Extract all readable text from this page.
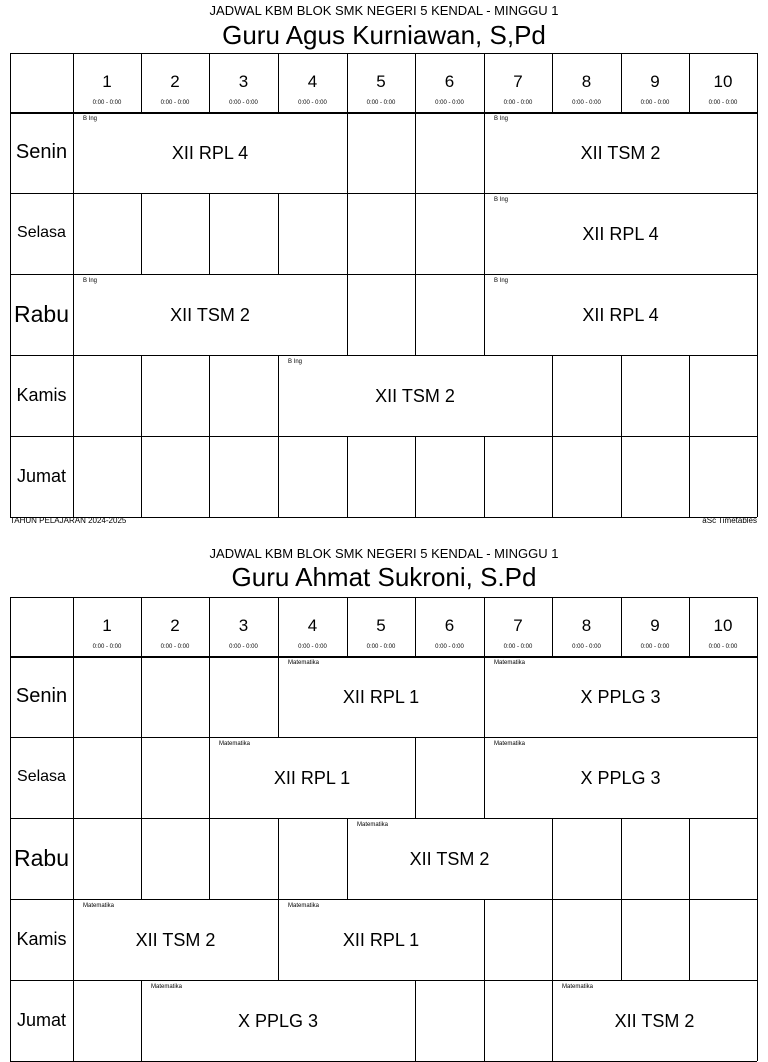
JADWAL KBM BLOK SMK NEGERI 5 KENDAL - MINGGU 1
Guru Agus Kurniawan, S,Pd
1
0:00 - 0:00
2
0:00 - 0:00
3
0:00 - 0:00
4
0:00 - 0:00
5
0:00 - 0:00
6
0:00 - 0:00
7
0:00 - 0:00
8
0:00 - 0:00
9
0:00 - 0:00
10
0:00 - 0:00
Senin
Selasa
Rabu
Kamis
Jumat
B Ing
XII RPL 4
B Ing
XII TSM 2
B Ing
XII RPL 4
B Ing
XII TSM 2
B Ing
XII RPL 4
B Ing
XII TSM 2
TAHUN PELAJARAN 2024-2025	aSc Timetables
JADWAL KBM BLOK SMK NEGERI 5 KENDAL - MINGGU 1
Guru Ahmat Sukroni, S.Pd
1
0:00 - 0:00
2
0:00 - 0:00
3
0:00 - 0:00
4
0:00 - 0:00
5
0:00 - 0:00
6
0:00 - 0:00
7
0:00 - 0:00
8
0:00 - 0:00
9
0:00 - 0:00
10
0:00 - 0:00
Senin
Selasa
Rabu
Kamis
Jumat
Matematika
XII RPL 1
Matematika
X PPLG 3
Matematika
XII RPL 1
Matematika
X PPLG 3
Matematika
XII TSM 2
Matematika
XII TSM 2
Matematika
XII RPL 1
Matematika
X PPLG 3
Matematika
XII TSM 2
